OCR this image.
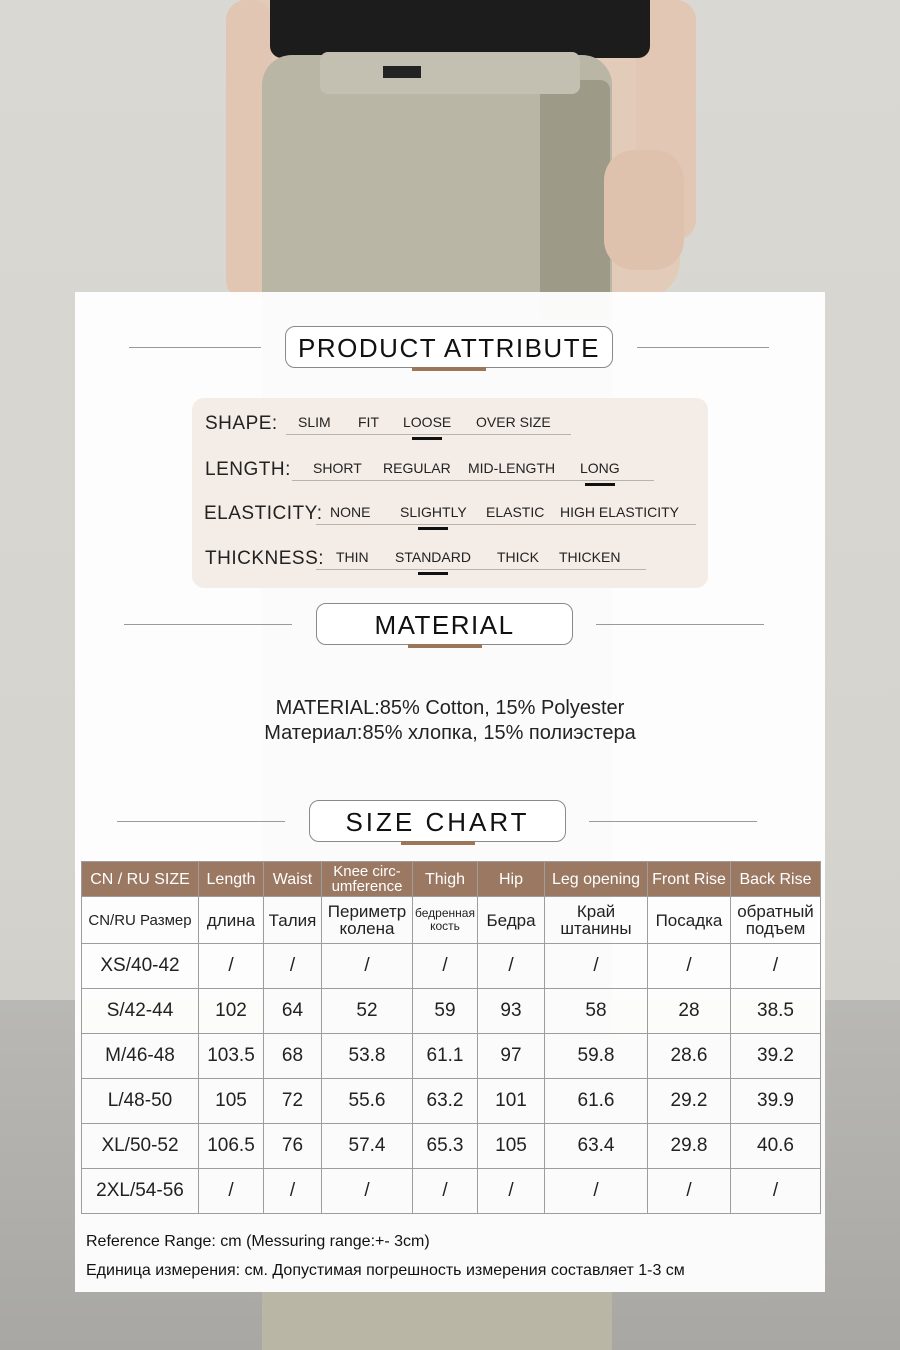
PRODUCT ATTRIBUTE
SHAPE: SLIM FIT LOOSE OVER SIZE
LENGTH: SHORT REGULAR MID-LENGTH LONG
ELASTICITY: NONE SLIGHTLY ELASTIC HIGH ELASTICITY
THICKNESS: THIN STANDARD THICK THICKEN
MATERIAL
MATERIAL:85% Cotton, 15% Polyester
Материал:85% хлопка, 15% полиэстера
SIZE CHART
CN / RU SIZE	Length	Waist	Knee circ-umference	Thigh	Hip	Leg opening	Front Rise	Back Rise
CN/RU Размер	длина	Талия	Периметр колена	бедренная кость	Бедра	Край штанины	Посадка	обратный подъем
XS/40-42	/	/	/	/	/	/	/	/
S/42-44	102	64	52	59	93	58	28	38.5
M/46-48	103.5	68	53.8	61.1	97	59.8	28.6	39.2
L/48-50	105	72	55.6	63.2	101	61.6	29.2	39.9
XL/50-52	106.5	76	57.4	65.3	105	63.4	29.8	40.6
2XL/54-56	/	/	/	/	/	/	/	/
Reference Range: cm (Messuring range:+- 3cm)
Единица измерения: см. Допустимая погрешность измерения составляет 1-3 см
